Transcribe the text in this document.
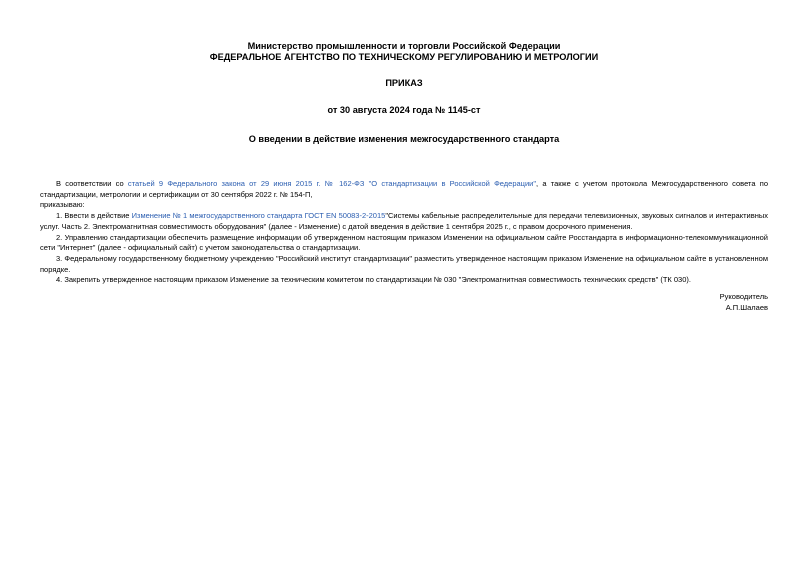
Министерство промышленности и торговли Российской Федерации
ФЕДЕРАЛЬНОЕ АГЕНТСТВО ПО ТЕХНИЧЕСКОМУ РЕГУЛИРОВАНИЮ И МЕТРОЛОГИИ
ПРИКАЗ
от 30 августа 2024 года № 1145-ст
О введении в действие изменения межгосударственного стандарта

В соответствии со статьей 9 Федерального закона от 29 июня 2015 г. № 162-ФЗ "О стандартизации в Российской Федерации", а также с учетом протокола Межгосударственного совета по стандартизации, метрологии и сертификации от 30 сентября 2022 г. № 154-П,

приказываю:

1. Ввести в действие Изменение № 1 межгосударственного стандарта ГОСТ EN 50083-2-2015"Системы кабельные распределительные для передачи телевизионных, звуковых сигналов и интерактивных услуг. Часть 2. Электромагнитная совместимость оборудования" (далее - Изменение) с датой введения в действие 1 сентября 2025 г., с правом досрочного применения.

2. Управлению стандартизации обеспечить размещение информации об утвержденном настоящим приказом Изменении на официальном сайте Росстандарта в информационно-телекоммуникационной сети "Интернет" (далее - официальный сайт) с учетом законодательства о стандартизации.

3. Федеральному государственному бюджетному учреждению "Российский институт стандартизации" разместить утвержденное настоящим приказом Изменение на официальном сайте в установленном порядке.

4. Закрепить утвержденное настоящим приказом Изменение за техническим комитетом по стандартизации № 030 "Электромагнитная совместимость технических средств" (ТК 030).

Руководитель
А.П.Шалаев
